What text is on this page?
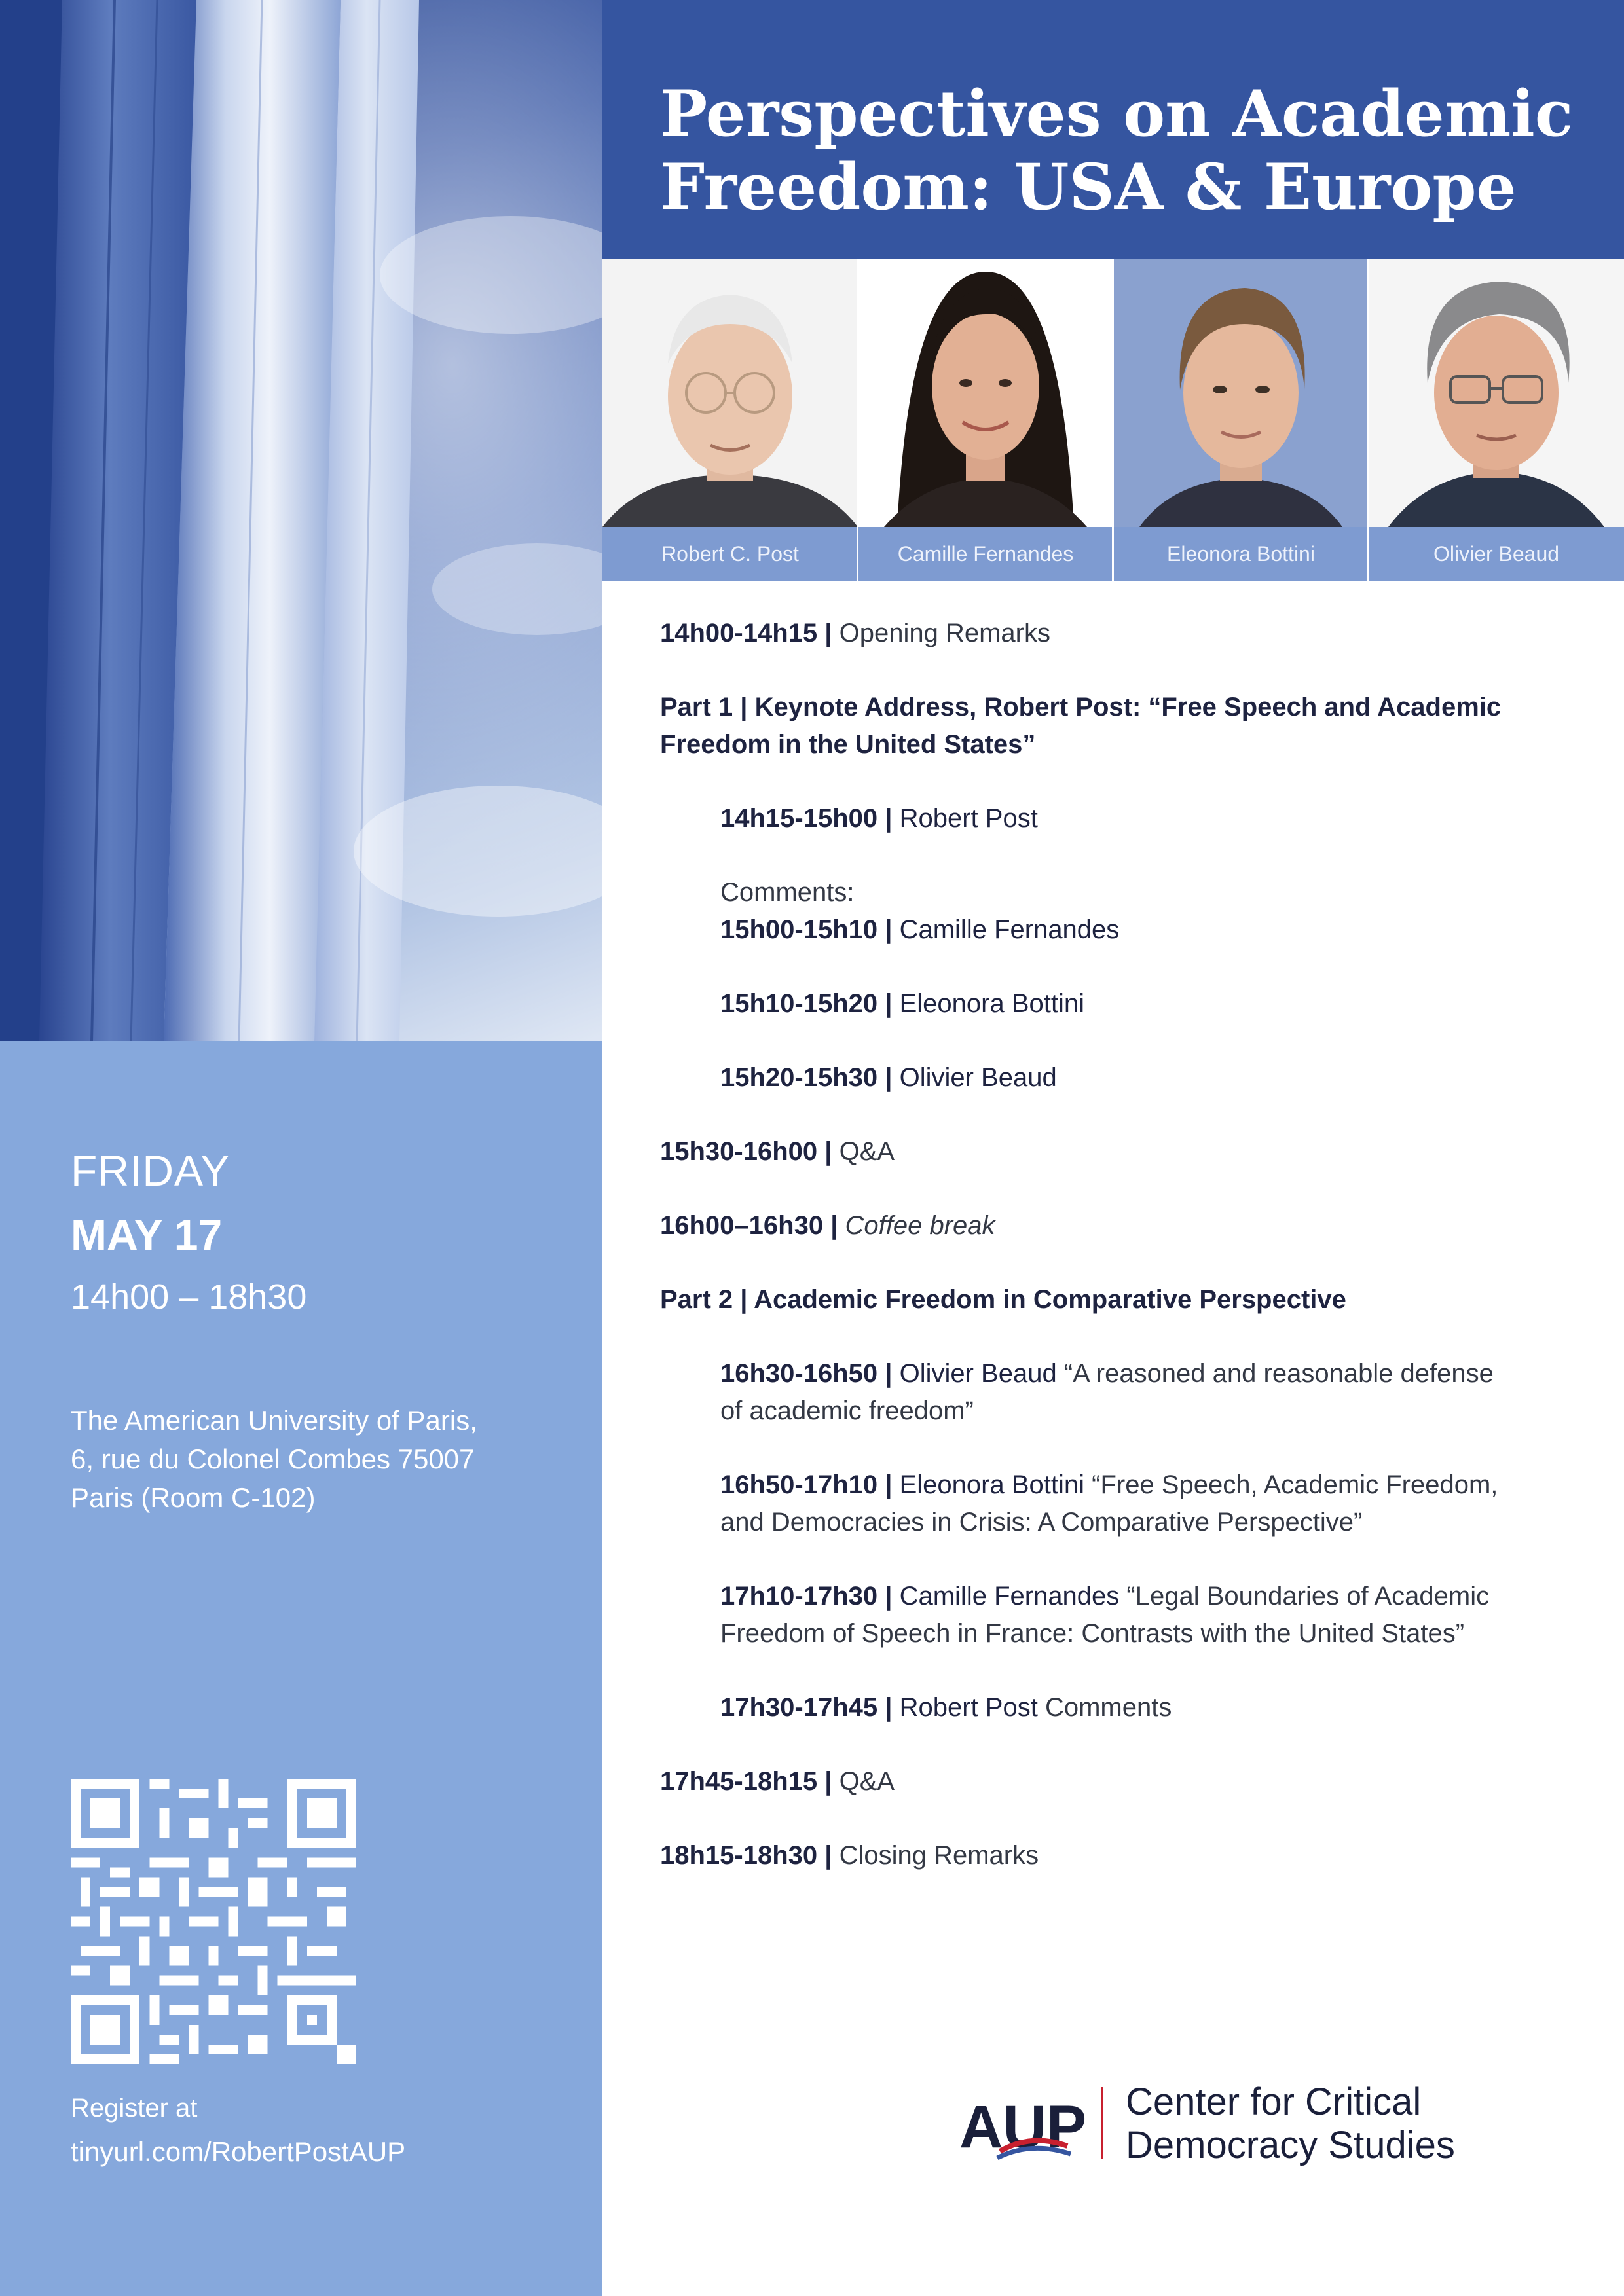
FRIDAY
MAY 17
14h00 – 18h30
The American University of Paris,
6, rue du Colonel Combes 75007
Paris (Room C-102)
Register at
tinyurl.com/RobertPostAUP
Perspectives on Academic
Freedom: USA & Europe
Robert C. Post	Camille Fernandes	Eleonora Bottini	Olivier Beaud
14h00-14h15 | Opening Remarks
Part 1 | Keynote Address, Robert Post: “Free Speech and Academic
Freedom in the United States”
14h15-15h00 | Robert Post
Comments:
15h00-15h10 | Camille Fernandes
15h10-15h20 | Eleonora Bottini
15h20-15h30 | Olivier Beaud
15h30-16h00 | Q&A
16h00–16h30 | Coffee break
Part 2 | Academic Freedom in Comparative Perspective
16h30-16h50 | Olivier Beaud “A reasoned and reasonable defense
of academic freedom”
16h50-17h10 | Eleonora Bottini “Free Speech, Academic Freedom,
and Democracies in Crisis: A Comparative Perspective”
17h10-17h30 | Camille Fernandes “Legal Boundaries of Academic
Freedom of Speech in France: Contrasts with the United States”
17h30-17h45 | Robert Post Comments
17h45-18h15 | Q&A
18h15-18h30 | Closing Remarks
AUP Center for Critical
Democracy Studies
